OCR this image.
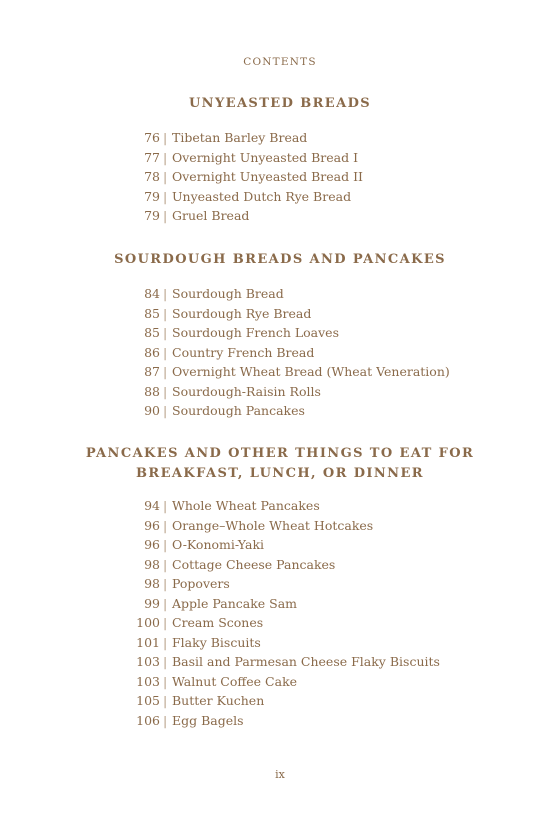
CONTENTS
UNYEASTED BREADS
76 | Tibetan Barley Bread
77 | Overnight Unyeasted Bread I
78 | Overnight Unyeasted Bread II
79 | Unyeasted Dutch Rye Bread
79 | Gruel Bread
SOURDOUGH BREADS AND PANCAKES
84 | Sourdough Bread
85 | Sourdough Rye Bread
85 | Sourdough French Loaves
86 | Country French Bread
87 | Overnight Wheat Bread (Wheat Veneration)
88 | Sourdough-Raisin Rolls
90 | Sourdough Pancakes
PANCAKES AND OTHER THINGS TO EAT FOR
BREAKFAST, LUNCH, OR DINNER
94 | Whole Wheat Pancakes
96 | Orange–Whole Wheat Hotcakes
96 | O-Konomi-Yaki
98 | Cottage Cheese Pancakes
98 | Popovers
99 | Apple Pancake Sam
100 | Cream Scones
101 | Flaky Biscuits
103 | Basil and Parmesan Cheese Flaky Biscuits
103 | Walnut Coffee Cake
105 | Butter Kuchen
106 | Egg Bagels
ix
